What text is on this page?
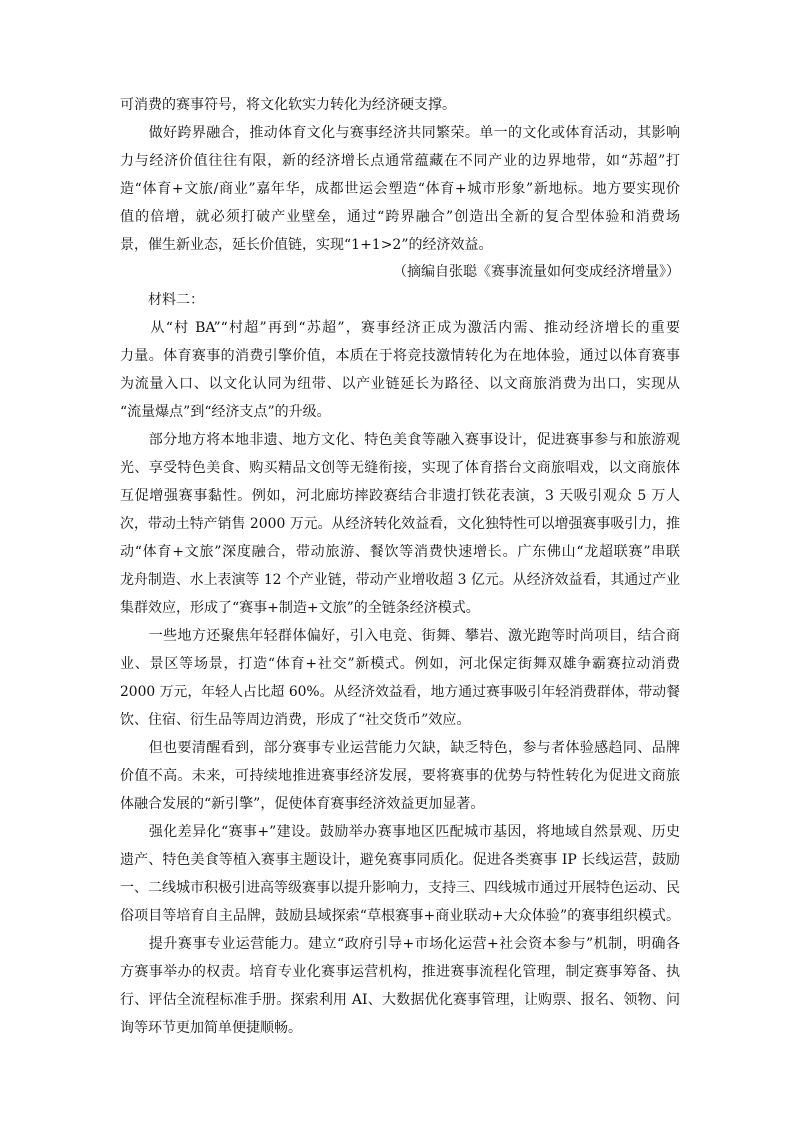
可消费的赛事符号，将文化软实力转化为经济硬支撑。
　　做好跨界融合，推动体育文化与赛事经济共同繁荣。单一的文化或体育活动，其影响
力与经济价值往往有限，新的经济增长点通常蕴藏在不同产业的边界地带，如“苏超”打
造“体育+文旅/商业”嘉年华，成都世运会塑造“体育+城市形象”新地标。地方要实现价
值的倍增，就必须打破产业壁垒，通过“跨界融合”创造出全新的复合型体验和消费场
景，催生新业态，延长价值链，实现“1+1>2”的经济效益。
（摘编自张聪《赛事流量如何变成经济增量》）
　　材料二：
　　从“村 BA”“村超”再到“苏超”，赛事经济正成为激活内需、推动经济增长的重要
力量。体育赛事的消费引擎价值，本质在于将竞技激情转化为在地体验，通过以体育赛事
为流量入口、以文化认同为纽带、以产业链延长为路径、以文商旅消费为出口，实现从
“流量爆点”到“经济支点”的升级。
　　部分地方将本地非遗、地方文化、特色美食等融入赛事设计，促进赛事参与和旅游观
光、享受特色美食、购买精品文创等无缝衔接，实现了体育搭台文商旅唱戏，以文商旅体
互促增强赛事黏性。例如，河北廊坊摔跤赛结合非遗打铁花表演，3 天吸引观众 5 万人
次，带动土特产销售 2000 万元。从经济转化效益看，文化独特性可以增强赛事吸引力，推
动“体育+文旅”深度融合，带动旅游、餐饮等消费快速增长。广东佛山“龙超联赛”串联
龙舟制造、水上表演等 12 个产业链，带动产业增收超 3 亿元。从经济效益看，其通过产业
集群效应，形成了“赛事+制造+文旅”的全链条经济模式。
　　一些地方还聚焦年轻群体偏好，引入电竞、街舞、攀岩、激光跑等时尚项目，结合商
业、景区等场景，打造“体育+社交”新模式。例如，河北保定街舞双雄争霸赛拉动消费
2000 万元，年轻人占比超 60%。从经济效益看，地方通过赛事吸引年轻消费群体，带动餐
饮、住宿、衍生品等周边消费，形成了“社交货币”效应。
　　但也要清醒看到，部分赛事专业运营能力欠缺，缺乏特色，参与者体验感趋同、品牌
价值不高。未来，可持续地推进赛事经济发展，要将赛事的优势与特性转化为促进文商旅
体融合发展的“新引擎”，促使体育赛事经济效益更加显著。
　　强化差异化“赛事+”建设。鼓励举办赛事地区匹配城市基因，将地域自然景观、历史
遗产、特色美食等植入赛事主题设计，避免赛事同质化。促进各类赛事 IP 长线运营，鼓励
一、二线城市积极引进高等级赛事以提升影响力，支持三、四线城市通过开展特色运动、民
俗项目等培育自主品牌，鼓励县域探索“草根赛事+商业联动+大众体验”的赛事组织模式。
　　提升赛事专业运营能力。建立“政府引导+市场化运营+社会资本参与”机制，明确各
方赛事举办的权责。培育专业化赛事运营机构，推进赛事流程化管理，制定赛事筹备、执
行、评估全流程标准手册。探索利用 AI、大数据优化赛事管理，让购票、报名、领物、问
询等环节更加简单便捷顺畅。
